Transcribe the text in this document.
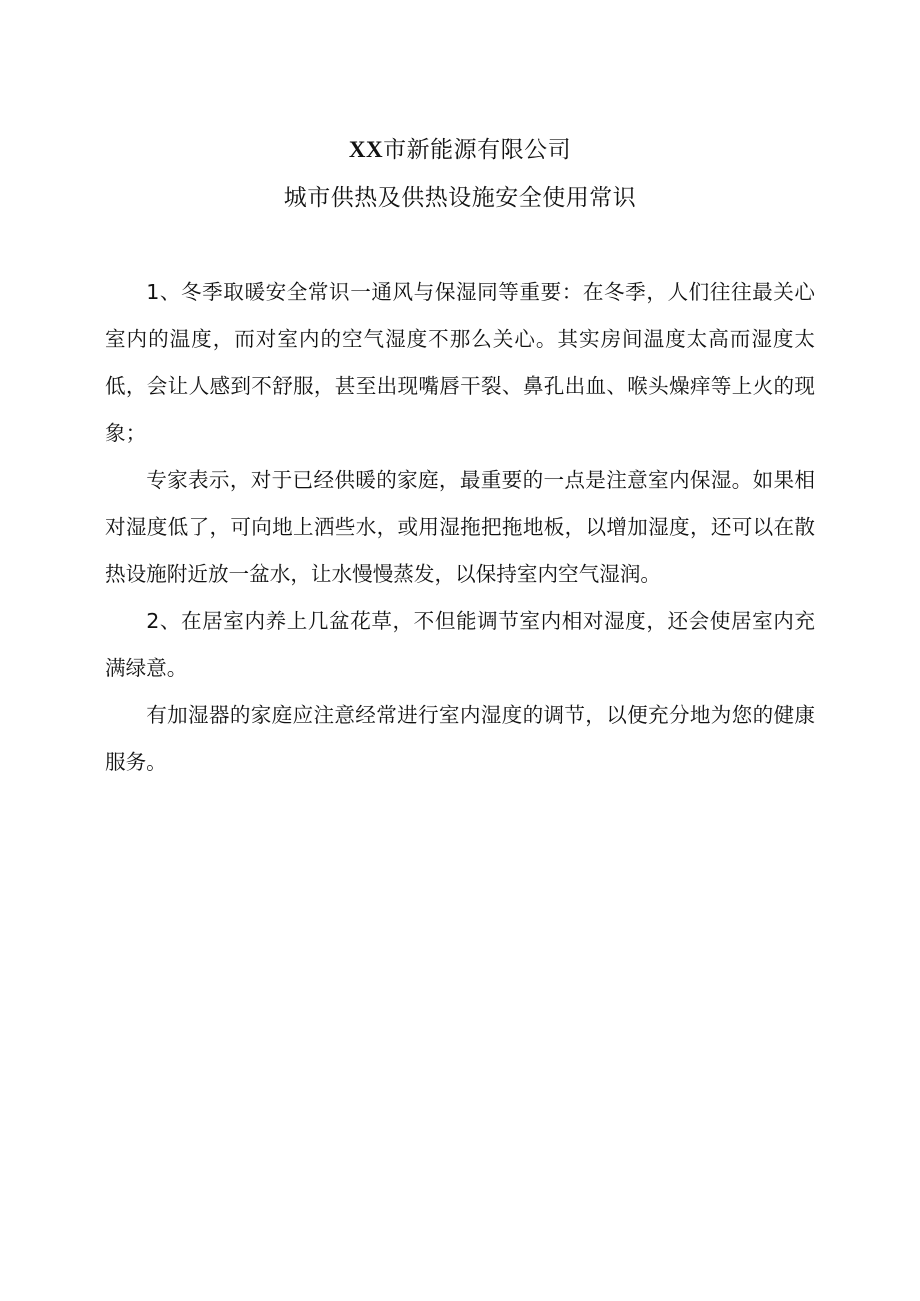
XX市新能源有限公司
城市供热及供热设施安全使用常识

1、冬季取暖安全常识一通风与保湿同等重要：在冬季，人们往往最关心室内的温度，而对室内的空气湿度不那么关心。其实房间温度太高而湿度太低，会让人感到不舒服，甚至出现嘴唇干裂、鼻孔出血、喉头燥痒等上火的现象；

专家表示，对于已经供暖的家庭，最重要的一点是注意室内保湿。如果相对湿度低了，可向地上洒些水，或用湿拖把拖地板，以增加湿度，还可以在散热设施附近放一盆水，让水慢慢蒸发，以保持室内空气湿润。

2、在居室内养上几盆花草，不但能调节室内相对湿度，还会使居室内充满绿意。

有加湿器的家庭应注意经常进行室内湿度的调节，以便充分地为您的健康服务。
